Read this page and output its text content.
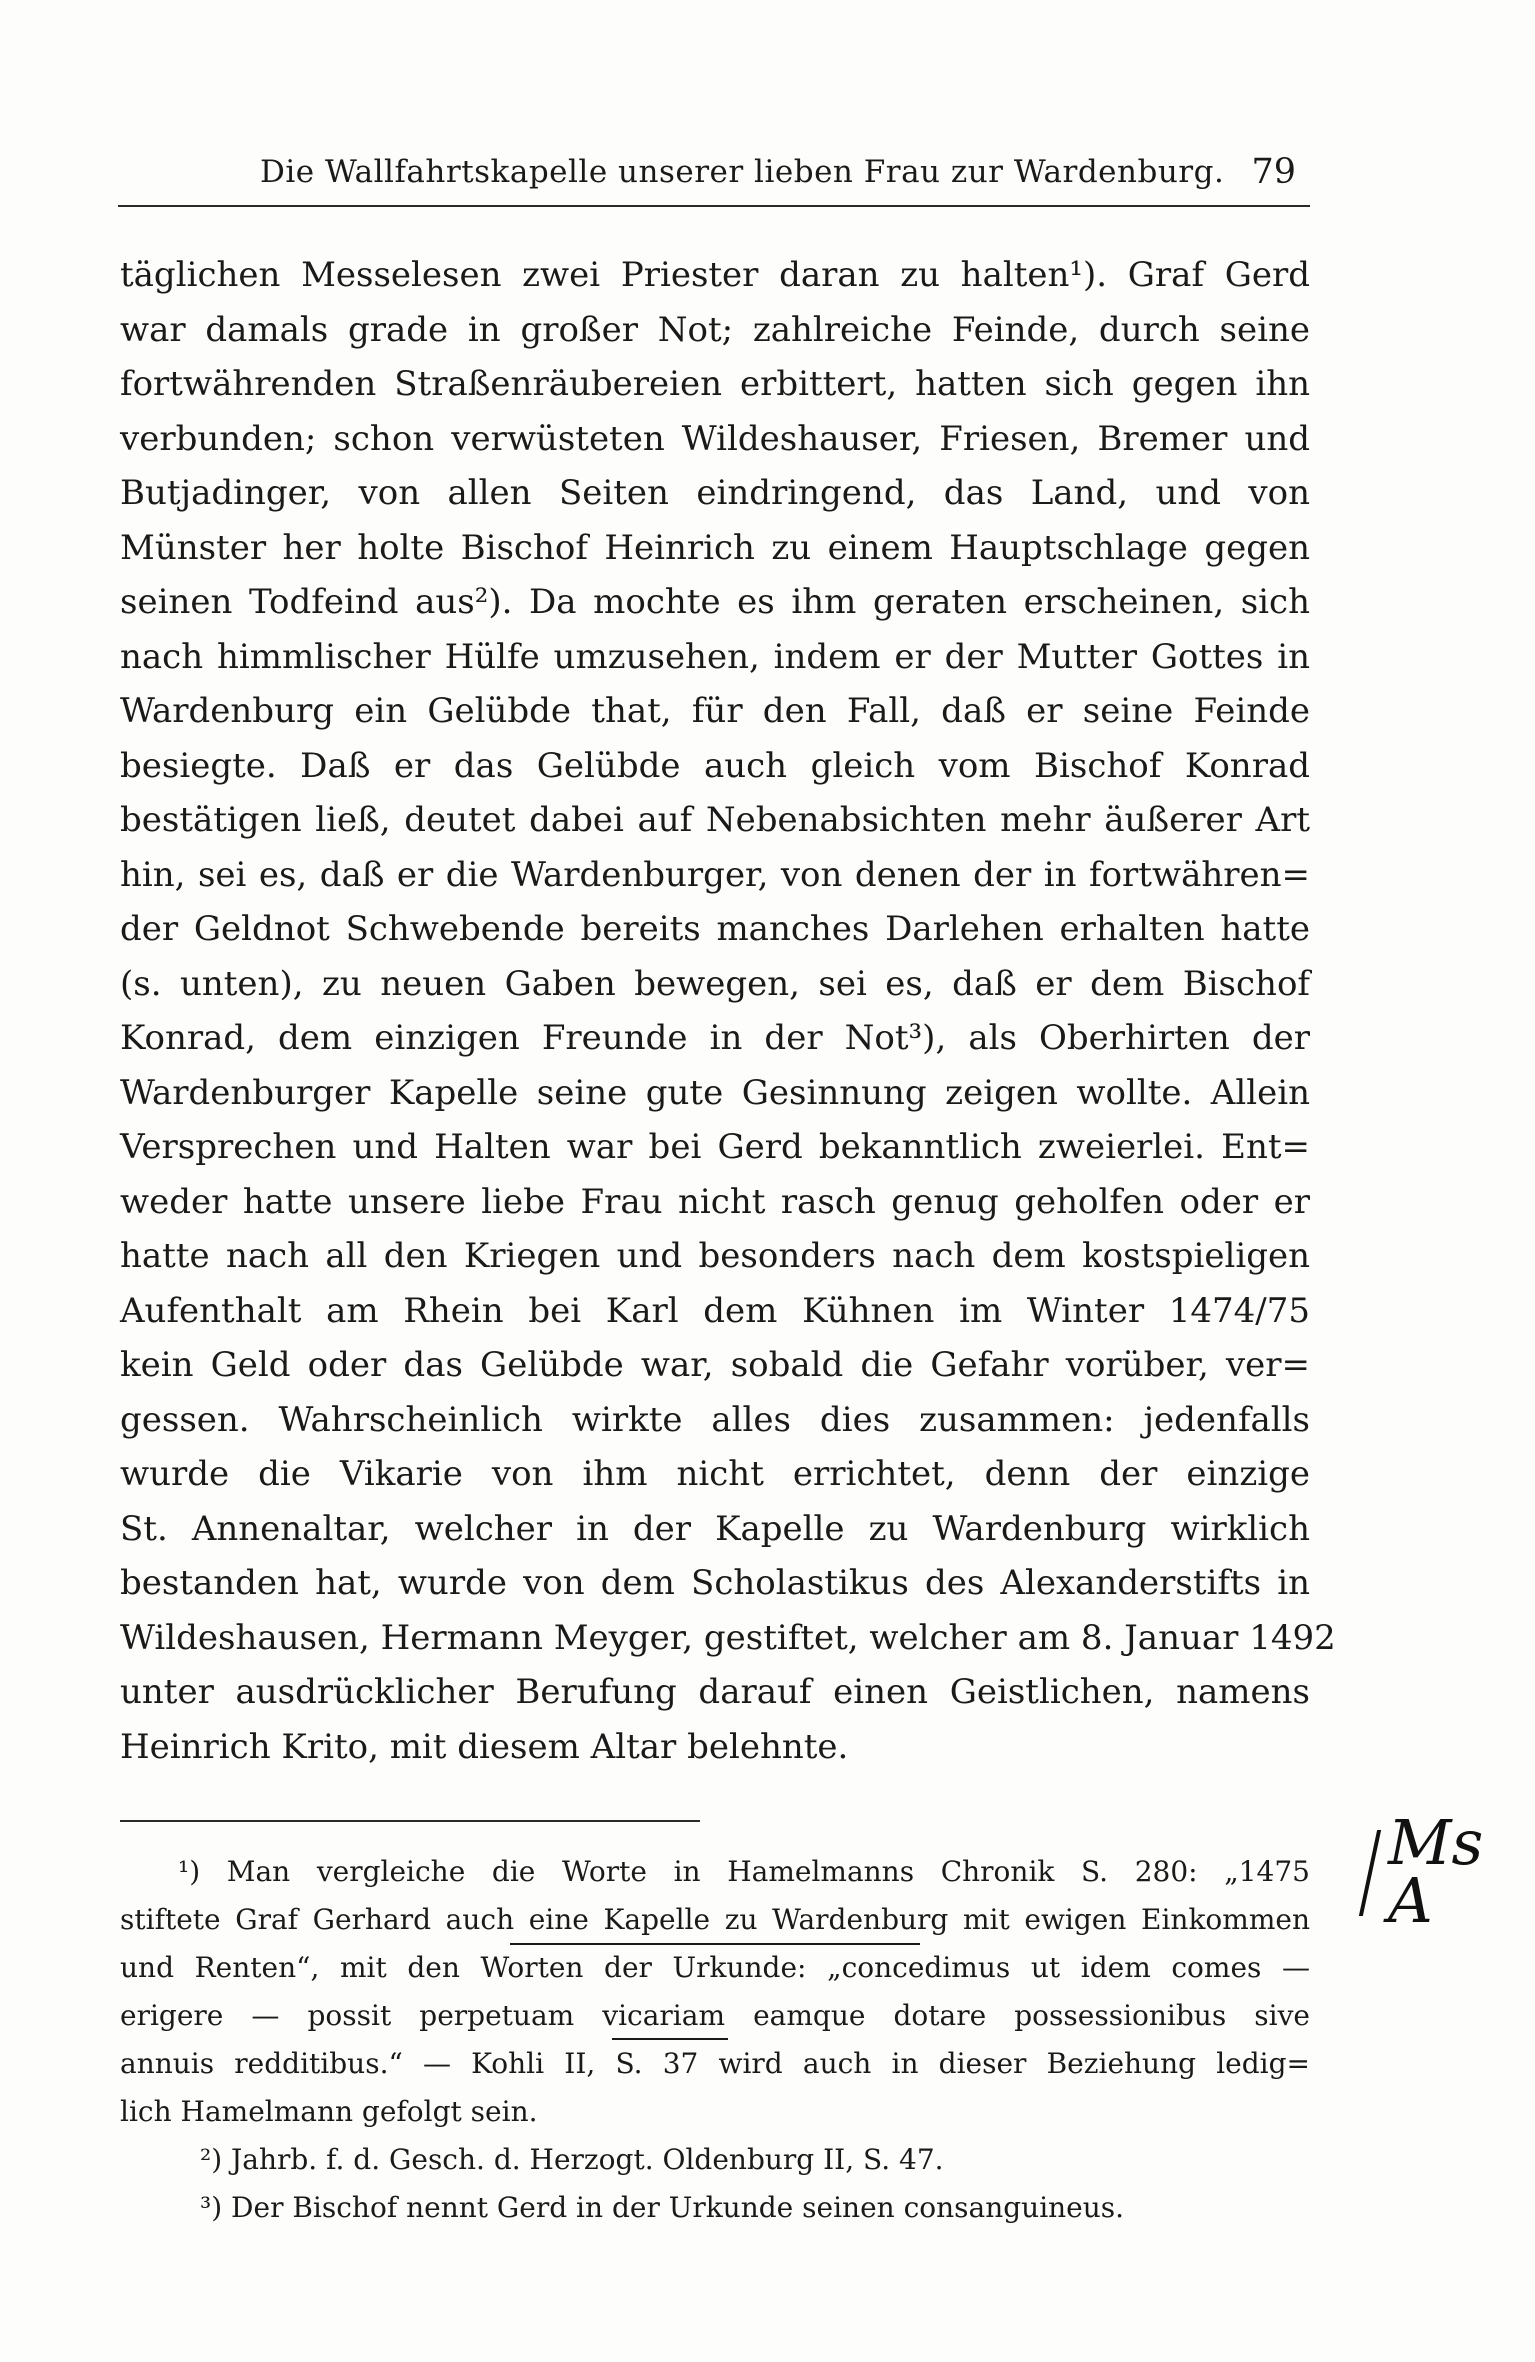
Die Wallfahrtskapelle unserer lieben Frau zur Wardenburg. 79
täglichen Messelesen zwei Priester daran zu halten¹). Graf Gerd
war damals grade in großer Not; zahlreiche Feinde, durch seine
fortwährenden Straßenräubereien erbittert, hatten sich gegen ihn
verbunden; schon verwüsteten Wildeshauser, Friesen, Bremer und
Butjadinger, von allen Seiten eindringend, das Land, und von
Münster her holte Bischof Heinrich zu einem Hauptschlage gegen
seinen Todfeind aus²). Da mochte es ihm geraten erscheinen, sich
nach himmlischer Hülfe umzusehen, indem er der Mutter Gottes in
Wardenburg ein Gelübde that, für den Fall, daß er seine Feinde
besiegte. Daß er das Gelübde auch gleich vom Bischof Konrad
bestätigen ließ, deutet dabei auf Nebenabsichten mehr äußerer Art
hin, sei es, daß er die Wardenburger, von denen der in fortwähren=
der Geldnot Schwebende bereits manches Darlehen erhalten hatte
(s. unten), zu neuen Gaben bewegen, sei es, daß er dem Bischof
Konrad, dem einzigen Freunde in der Not³), als Oberhirten der
Wardenburger Kapelle seine gute Gesinnung zeigen wollte. Allein
Versprechen und Halten war bei Gerd bekanntlich zweierlei. Ent=
weder hatte unsere liebe Frau nicht rasch genug geholfen oder er
hatte nach all den Kriegen und besonders nach dem kostspieligen
Aufenthalt am Rhein bei Karl dem Kühnen im Winter 1474/75
kein Geld oder das Gelübde war, sobald die Gefahr vorüber, ver=
gessen. Wahrscheinlich wirkte alles dies zusammen: jedenfalls
wurde die Vikarie von ihm nicht errichtet, denn der einzige
St. Annenaltar, welcher in der Kapelle zu Wardenburg wirklich
bestanden hat, wurde von dem Scholastikus des Alexanderstifts in
Wildeshausen, Hermann Meyger, gestiftet, welcher am 8. Januar 1492
unter ausdrücklicher Berufung darauf einen Geistlichen, namens
Heinrich Krito, mit diesem Altar belehnte.
¹) Man vergleiche die Worte in Hamelmanns Chronik S. 280: „1475
stiftete Graf Gerhard auch eine Kapelle zu Wardenburg mit ewigen Einkommen
und Renten“, mit den Worten der Urkunde: „concedimus ut idem comes —
erigere — possit perpetuam vicariam eamque dotare possessionibus sive
annuis redditibus.“ — Kohli II, S. 37 wird auch in dieser Beziehung ledig=
lich Hamelmann gefolgt sein.
²) Jahrb. f. d. Gesch. d. Herzogt. Oldenburg II, S. 47.
³) Der Bischof nennt Gerd in der Urkunde seinen consanguineus.
Ms
A
